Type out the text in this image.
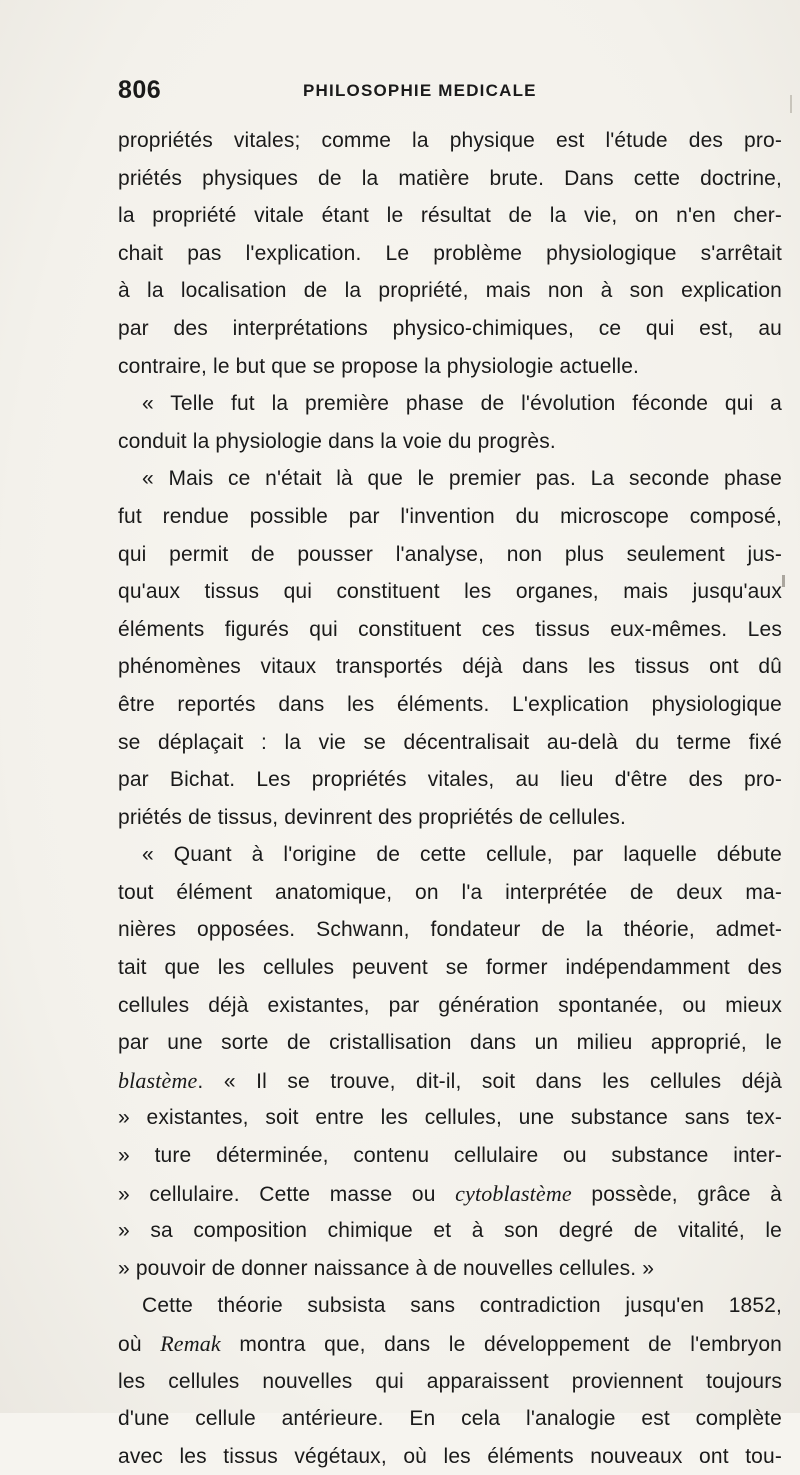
806	PHILOSOPHIE MEDICALE
propriétés vitales; comme la physique est l'étude des pro-
priétés physiques de la matière brute. Dans cette doctrine,
la propriété vitale étant le résultat de la vie, on n'en cher-
chait pas l'explication. Le problème physiologique s'arrêtait
à la localisation de la propriété, mais non à son explication
par des interprétations physico-chimiques, ce qui est, au
contraire, le but que se propose la physiologie actuelle.
« Telle fut la première phase de l'évolution féconde qui a
conduit la physiologie dans la voie du progrès.
« Mais ce n'était là que le premier pas. La seconde phase
fut rendue possible par l'invention du microscope composé,
qui permit de pousser l'analyse, non plus seulement jus-
qu'aux tissus qui constituent les organes, mais jusqu'aux
éléments figurés qui constituent ces tissus eux-mêmes. Les
phénomènes vitaux transportés déjà dans les tissus ont dû
être reportés dans les éléments. L'explication physiologique
se déplaçait : la vie se décentralisait au-delà du terme fixé
par Bichat. Les propriétés vitales, au lieu d'être des pro-
priétés de tissus, devinrent des propriétés de cellules.
« Quant à l'origine de cette cellule, par laquelle débute
tout élément anatomique, on l'a interprétée de deux ma-
nières opposées. Schwann, fondateur de la théorie, admet-
tait que les cellules peuvent se former indépendamment des
cellules déjà existantes, par génération spontanée, ou mieux
par une sorte de cristallisation dans un milieu approprié, le
blastème. « Il se trouve, dit-il, soit dans les cellules déjà
» existantes, soit entre les cellules, une substance sans tex-
» ture déterminée, contenu cellulaire ou substance inter-
» cellulaire. Cette masse ou cytoblastème possède, grâce à
» sa composition chimique et à son degré de vitalité, le
» pouvoir de donner naissance à de nouvelles cellules. »
Cette théorie subsista sans contradiction jusqu'en 1852,
où Remak montra que, dans le développement de l'embryon
les cellules nouvelles qui apparaissent proviennent toujours
d'une cellule antérieure. En cela l'analogie est complète
avec les tissus végétaux, où les éléments nouveaux ont tou-
